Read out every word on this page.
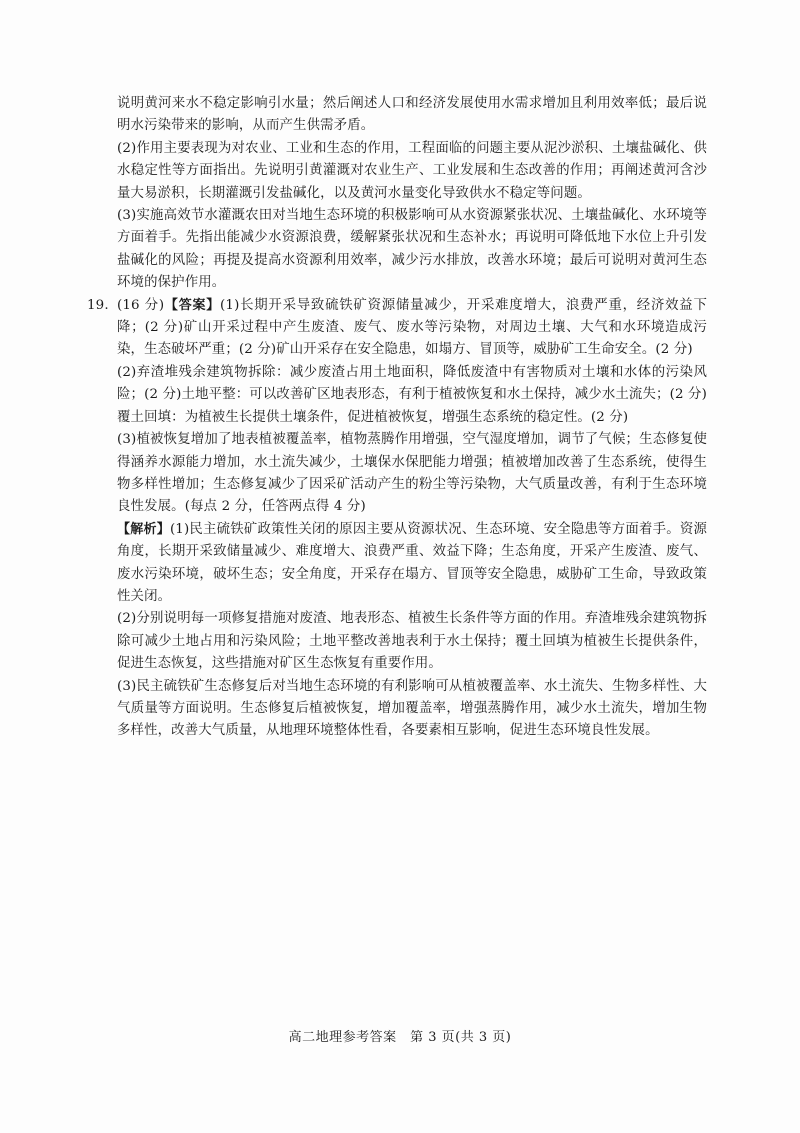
说明黄河来水不稳定影响引水量；然后阐述人口和经济发展使用水需求增加且利用效率低；最后说明水污染带来的影响，从而产生供需矛盾。

(2)作用主要表现为对农业、工业和生态的作用，工程面临的问题主要从泥沙淤积、土壤盐碱化、供水稳定性等方面指出。先说明引黄灌溉对农业生产、工业发展和生态改善的作用；再阐述黄河含沙量大易淤积，长期灌溉引发盐碱化，以及黄河水量变化导致供水不稳定等问题。

(3)实施高效节水灌溉农田对当地生态环境的积极影响可从水资源紧张状况、土壤盐碱化、水环境等方面着手。先指出能减少水资源浪费，缓解紧张状况和生态补水；再说明可降低地下水位上升引发盐碱化的风险；再提及提高水资源利用效率，减少污水排放，改善水环境；最后可说明对黄河生态环境的保护作用。

19. (16 分)【答案】(1)长期开采导致硫铁矿资源储量减少，开采难度增大，浪费严重，经济效益下降；(2 分)矿山开采过程中产生废渣、废气、废水等污染物，对周边土壤、大气和水环境造成污染，生态破坏严重；(2 分)矿山开采存在安全隐患，如塌方、冒顶等，威胁矿工生命安全。(2 分)

(2)弃渣堆残余建筑物拆除：减少废渣占用土地面积，降低废渣中有害物质对土壤和水体的污染风险；(2 分)土地平整：可以改善矿区地表形态，有利于植被恢复和水土保持，减少水土流失；(2 分)覆土回填：为植被生长提供土壤条件，促进植被恢复，增强生态系统的稳定性。(2 分)

(3)植被恢复增加了地表植被覆盖率，植物蒸腾作用增强，空气湿度增加，调节了气候；生态修复使得涵养水源能力增加，水土流失减少，土壤保水保肥能力增强；植被增加改善了生态系统，使得生物多样性增加；生态修复减少了因采矿活动产生的粉尘等污染物，大气质量改善，有利于生态环境良性发展。(每点 2 分，任答两点得 4 分)

【解析】(1)民主硫铁矿政策性关闭的原因主要从资源状况、生态环境、安全隐患等方面着手。资源角度，长期开采致储量减少、难度增大、浪费严重、效益下降；生态角度，开采产生废渣、废气、废水污染环境，破坏生态；安全角度，开采存在塌方、冒顶等安全隐患，威胁矿工生命，导致政策性关闭。

(2)分别说明每一项修复措施对废渣、地表形态、植被生长条件等方面的作用。弃渣堆残余建筑物拆除可减少土地占用和污染风险；土地平整改善地表利于水土保持；覆土回填为植被生长提供条件，促进生态恢复，这些措施对矿区生态恢复有重要作用。

(3)民主硫铁矿生态修复后对当地生态环境的有利影响可从植被覆盖率、水土流失、生物多样性、大气质量等方面说明。生态修复后植被恢复，增加覆盖率，增强蒸腾作用，减少水土流失，增加生物多样性，改善大气质量，从地理环境整体性看，各要素相互影响，促进生态环境良性发展。

高二地理参考答案　第 3 页(共 3 页)
